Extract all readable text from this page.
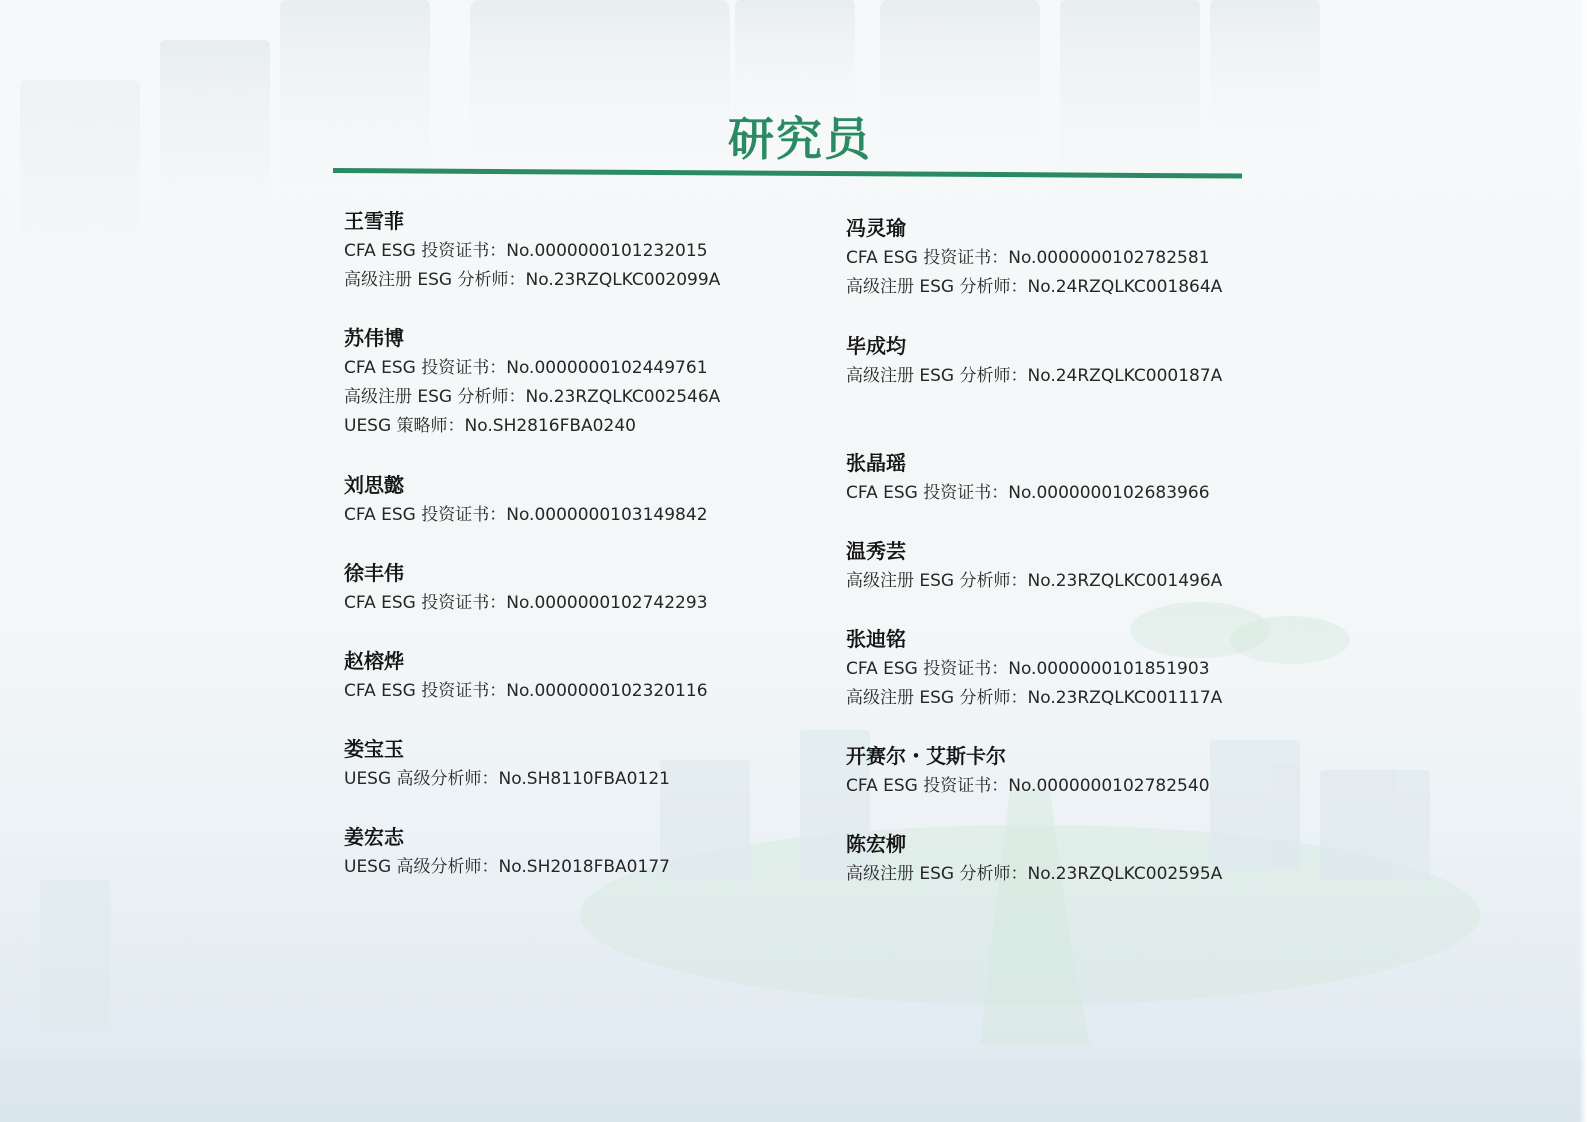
研究员
王雪菲
CFA ESG 投资证书：No.0000000101232015
高级注册 ESG 分析师：No.23RZQLKC002099A
苏伟博
CFA ESG 投资证书：No.0000000102449761
高级注册 ESG 分析师：No.23RZQLKC002546A
UESG 策略师：No.SH2816FBA0240
刘思懿
CFA ESG 投资证书：No.0000000103149842
徐丰伟
CFA ESG 投资证书：No.0000000102742293
赵榕烨
CFA ESG 投资证书：No.0000000102320116
娄宝玉
UESG 高级分析师：No.SH8110FBA0121
姜宏志
UESG 高级分析师：No.SH2018FBA0177
冯灵瑜
CFA ESG 投资证书：No.0000000102782581
高级注册 ESG 分析师：No.24RZQLKC001864A
毕成均
高级注册 ESG 分析师：No.24RZQLKC000187A
张晶瑶
CFA ESG 投资证书：No.0000000102683966
温秀芸
高级注册 ESG 分析师：No.23RZQLKC001496A
张迪铭
CFA ESG 投资证书：No.0000000101851903
高级注册 ESG 分析师：No.23RZQLKC001117A
开赛尔・艾斯卡尔
CFA ESG 投资证书：No.0000000102782540
陈宏柳
高级注册 ESG 分析师：No.23RZQLKC002595A
